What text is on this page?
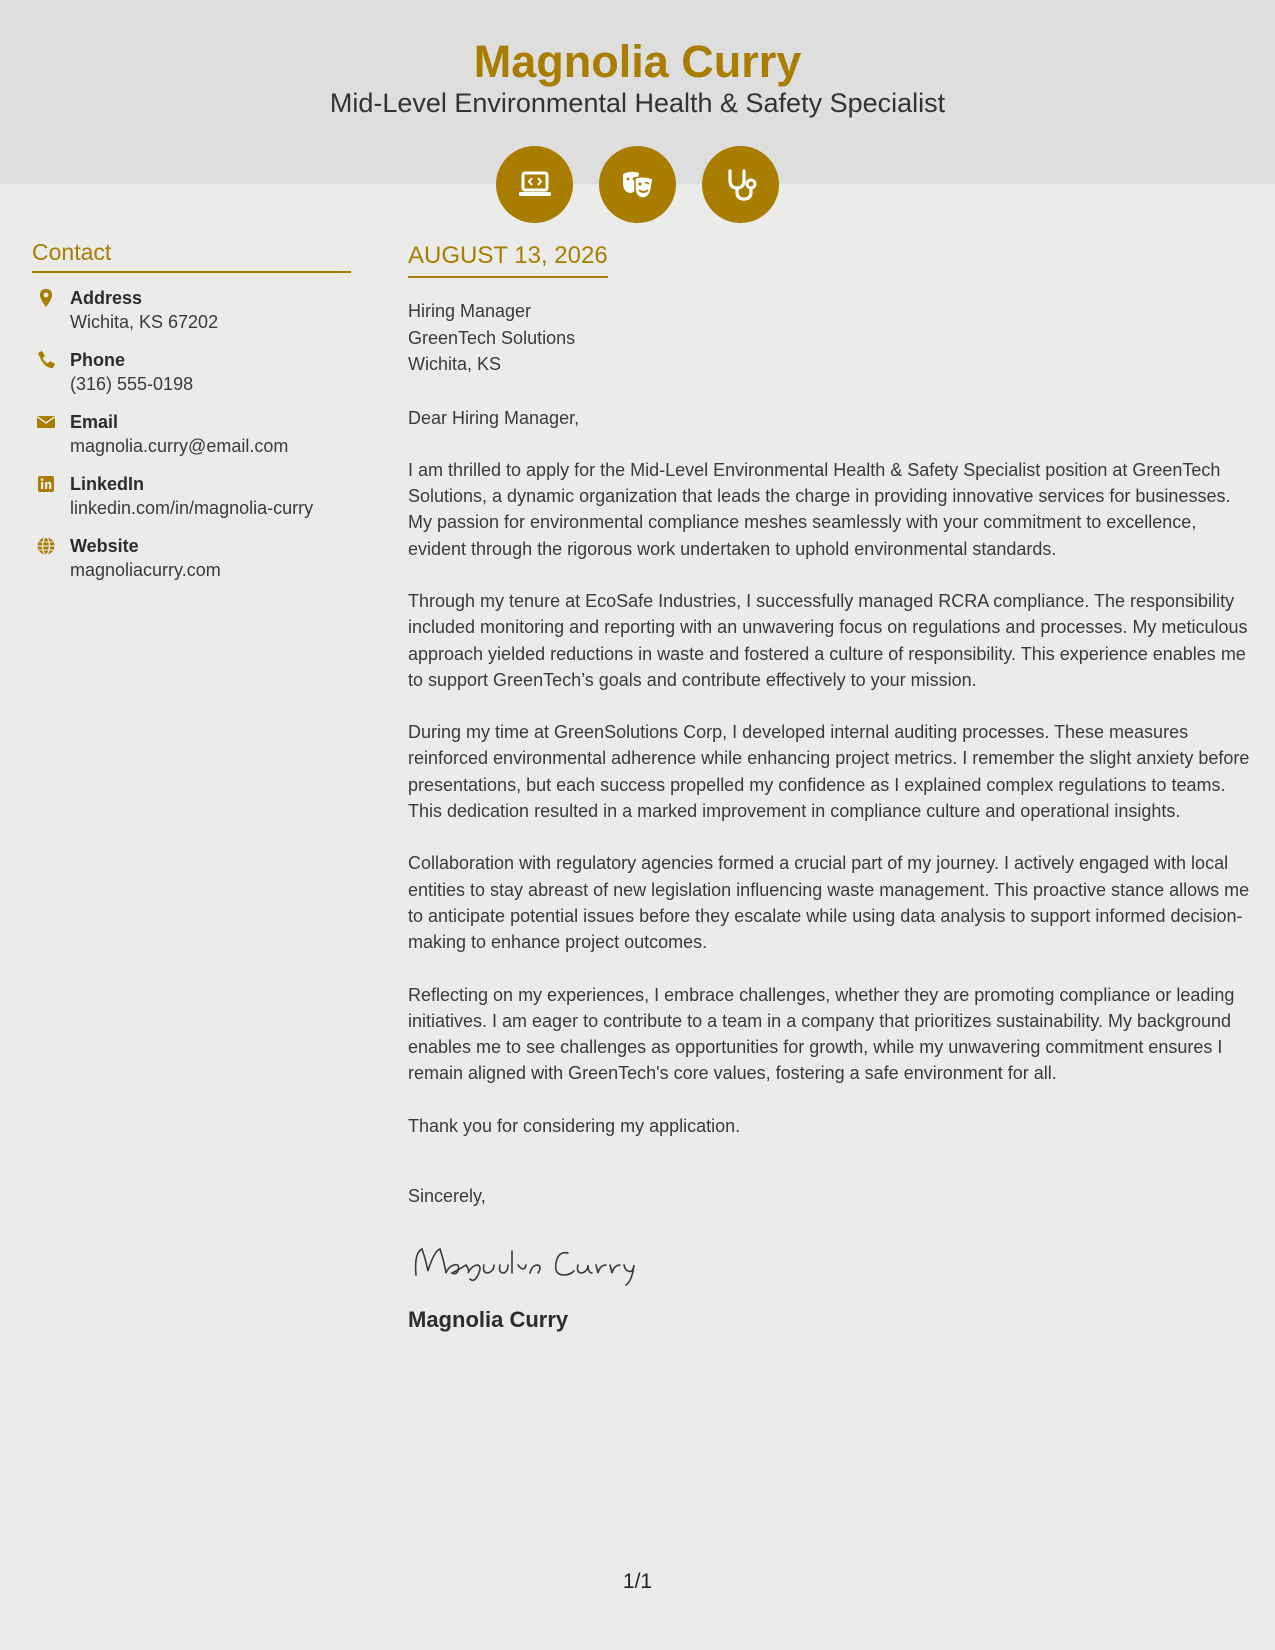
Magnolia Curry
Mid-Level Environmental Health & Safety Specialist
Contact
Address
Wichita, KS 67202
Phone
(316) 555-0198
Email
magnolia.curry@email.com
LinkedIn
linkedin.com/in/magnolia-curry
Website
magnoliacurry.com
AUGUST 13, 2026
Hiring Manager
GreenTech Solutions
Wichita, KS
Dear Hiring Manager,
I am thrilled to apply for the Mid-Level Environmental Health & Safety Specialist position at GreenTech Solutions, a dynamic organization that leads the charge in providing innovative services for businesses. My passion for environmental compliance meshes seamlessly with your commitment to excellence, evident through the rigorous work undertaken to uphold environmental standards.
Through my tenure at EcoSafe Industries, I successfully managed RCRA compliance. The responsibility included monitoring and reporting with an unwavering focus on regulations and processes. My meticulous approach yielded reductions in waste and fostered a culture of responsibility. This experience enables me to support GreenTech’s goals and contribute effectively to your mission.
During my time at GreenSolutions Corp, I developed internal auditing processes. These measures reinforced environmental adherence while enhancing project metrics. I remember the slight anxiety before presentations, but each success propelled my confidence as I explained complex regulations to teams. This dedication resulted in a marked improvement in compliance culture and operational insights.
Collaboration with regulatory agencies formed a crucial part of my journey. I actively engaged with local entities to stay abreast of new legislation influencing waste management. This proactive stance allows me to anticipate potential issues before they escalate while using data analysis to support informed decision-making to enhance project outcomes.
Reflecting on my experiences, I embrace challenges, whether they are promoting compliance or leading initiatives. I am eager to contribute to a team in a company that prioritizes sustainability. My background enables me to see challenges as opportunities for growth, while my unwavering commitment ensures I remain aligned with GreenTech's core values, fostering a safe environment for all.
Thank you for considering my application.
Sincerely,
Magnolia Curry
1/1
